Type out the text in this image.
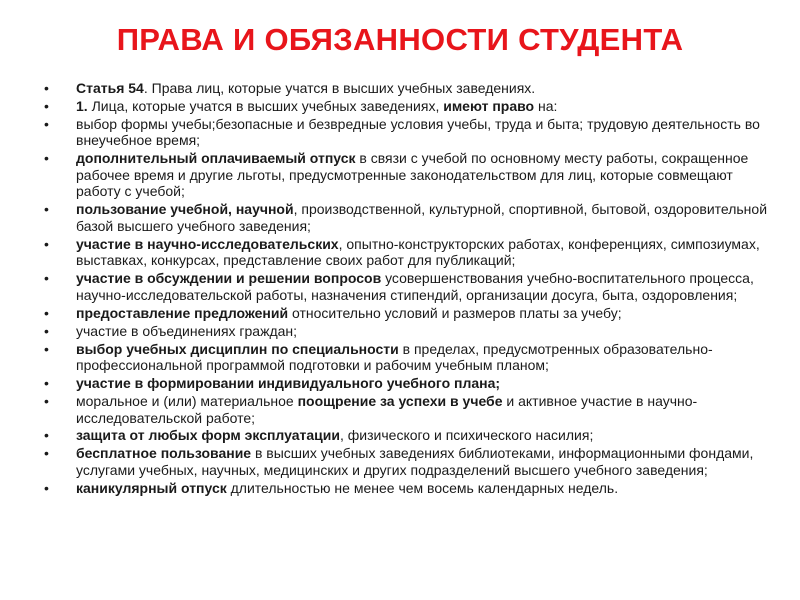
ПРАВА И ОБЯЗАННОСТИ СТУДЕНТА
• Статья 54. Права лиц, которые учатся в высших учебных заведениях.
• 1. Лица, которые учатся в высших учебных заведениях, имеют право на:
• выбор формы учебы;безопасные и безвредные условия учебы, труда и быта; трудовую деятельность во внеучебное время;
• дополнительный оплачиваемый отпуск в связи с учебой по основному месту работы, сокращенное рабочее время и другие льготы, предусмотренные законодательством для лиц, которые совмещают работу с учебой;
• пользование учебной, научной, производственной, культурной, спортивной, бытовой, оздоровительной базой высшего учебного заведения;
• участие в научно-исследовательских, опытно-конструкторских работах, конференциях, симпозиумах, выставках, конкурсах, представление своих работ для публикаций;
• участие в обсуждении и решении вопросов усовершенствования учебно-воспитательного процесса, научно-исследовательской работы, назначения стипендий, организации досуга, быта, оздоровления;
• предоставление предложений относительно условий и размеров платы за учебу;
• участие в объединениях граждан;
• выбор учебных дисциплин по специальности в пределах, предусмотренных образовательно-профессиональной программой подготовки и рабочим учебным планом;
• участие в формировании индивидуального учебного плана;
• моральное и (или) материальное поощрение за успехи в учебе и активное участие в научно-исследовательской работе;
• защита от любых форм эксплуатации, физического и психического насилия;
• бесплатное пользование в высших учебных заведениях библиотеками, информационными фондами, услугами учебных, научных, медицинских и других подразделений высшего учебного заведения;
• каникулярный отпуск длительностью не менее чем восемь календарных недель.
